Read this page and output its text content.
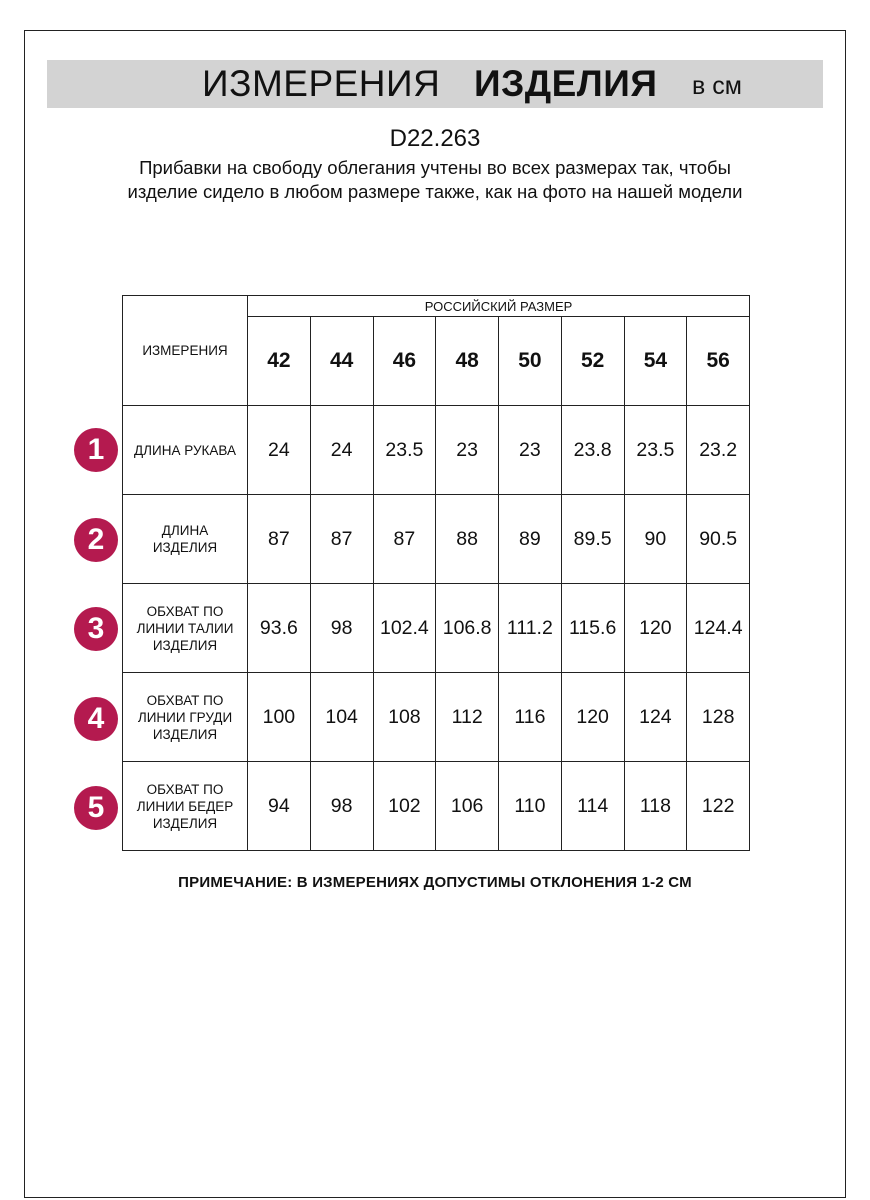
ИЗМЕРЕНИЯ ИЗДЕЛИЯ в см
D22.263
Прибавки на свободу облегания учтены во всех размерах так, чтобы изделие сидело в любом размере также, как на фото на нашей модели
ИЗМЕРЕНИЯ	РОССИЙСКИЙ РАЗМЕР							
	42	44	46	48	50	52	54	56

ДЛИНА РУКАВА	24	24	23.5	23	23	23.8	23.5	23.2

ДЛИНА
ИЗДЕЛИЯ	87	87	87	88	89	89.5	90	90.5

ОБХВАТ ПО
ЛИНИИ ТАЛИИ
ИЗДЕЛИЯ	93.6	98	102.4	106.8	111.2	115.6	120	124.4

ОБХВАТ ПО
ЛИНИИ ГРУДИ
ИЗДЕЛИЯ	100	104	108	112	116	120	124	128

ОБХВАТ ПО
ЛИНИИ БЕДЕР
ИЗДЕЛИЯ	94	98	102	106	110	114	118	122
1
2
3
4
5
ПРИМЕЧАНИЕ: В ИЗМЕРЕНИЯХ ДОПУСТИМЫ ОТКЛОНЕНИЯ 1-2 СМ
